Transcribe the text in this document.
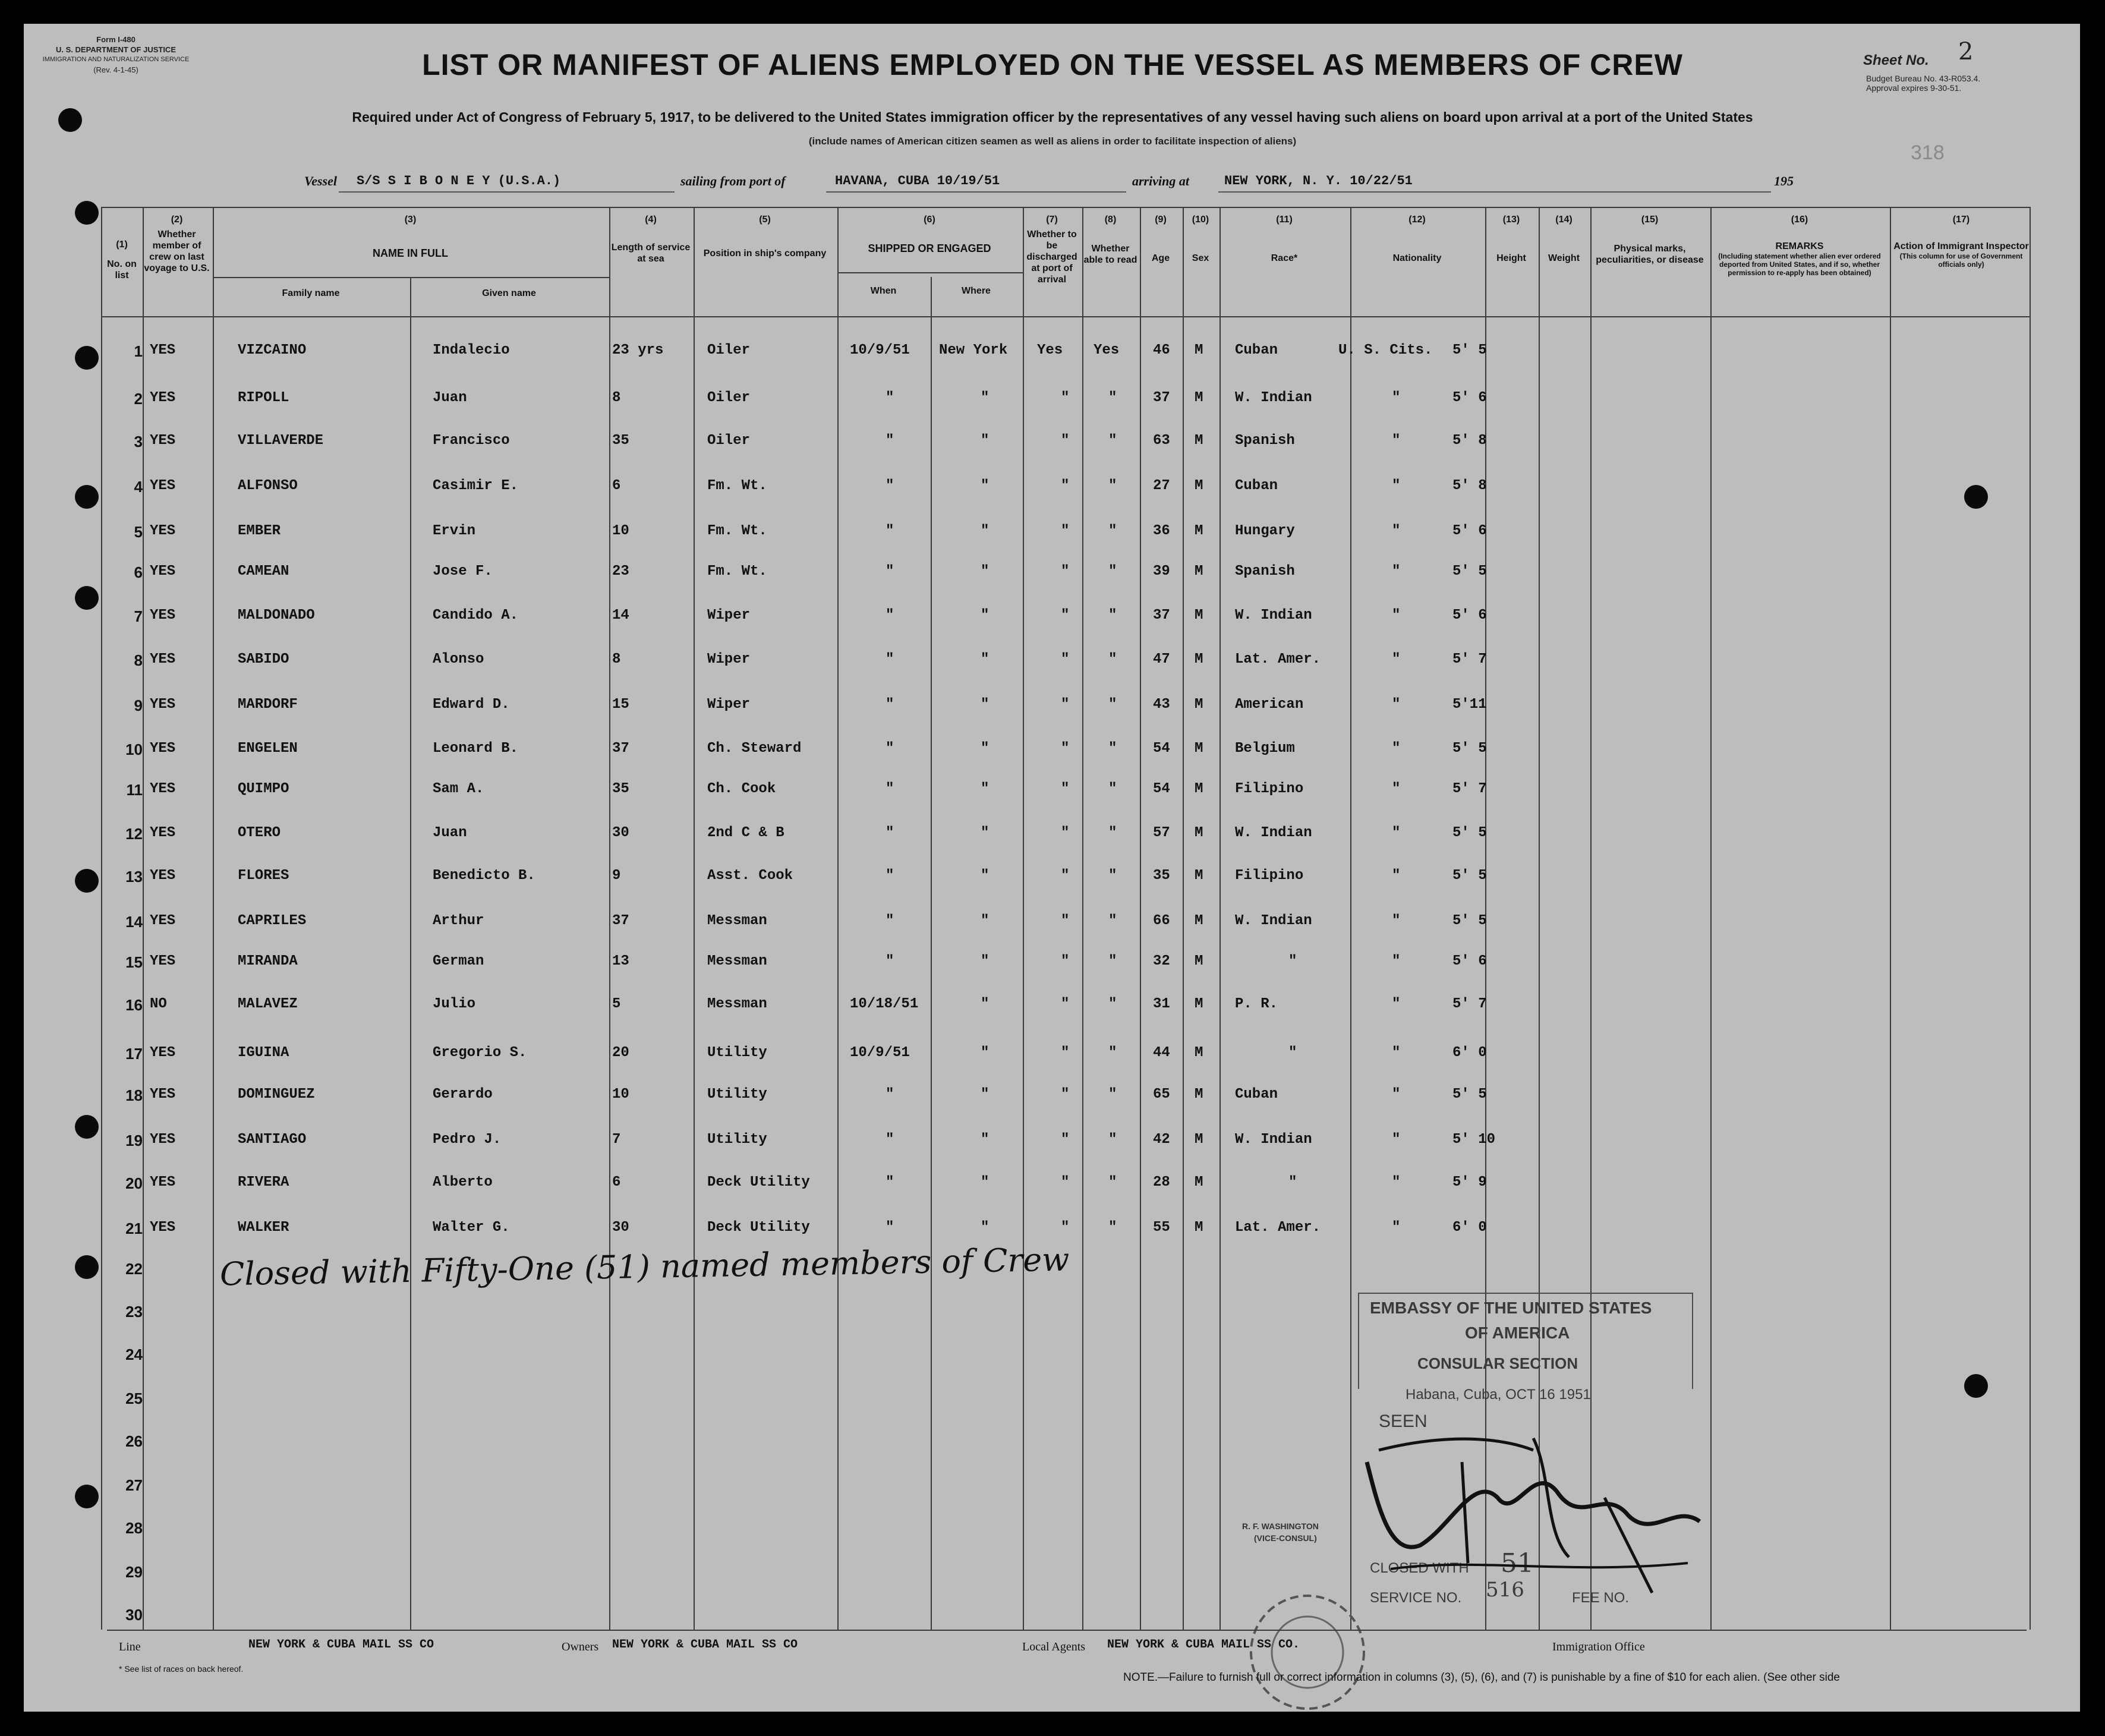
Form I-480
U. S. DEPARTMENT OF JUSTICE
IMMIGRATION AND NATURALIZATION SERVICE
(Rev. 4-1-45)	LIST OR MANIFEST OF ALIENS EMPLOYED ON THE VESSEL AS MEMBERS OF CREW	Sheet No. 2
Budget Bureau No. 43-R053.4.
Approval expires 9-30-51.
Required under Act of Congress of February 5, 1917, to be delivered to the United States immigration officer by the representatives of any vessel having such aliens on board upon arrival at a port of the United States
(include names of American citizen seamen as well as aliens in order to facilitate inspection of aliens)
318
Vessel S/S S I B O N E Y (U.S.A.)	sailing from port of	HAVANA, CUBA 10/19/51	arriving at	NEW YORK, N. Y. 10/22/51	195
(1)
No. on list
(2)
Whether member of crew on last voyage to U.S.
(3)
NAME IN FULL
Family name	Given name
(4)
Length of service at sea
(5)
Position in ship's company
(6)
SHIPPED OR ENGAGED
When	Where
(7)
Whether to be discharged at port of arrival
(8)
Whether able to read
(9)
Age
(10)
Sex
(11)
Race*
(12)
Nationality
(13)
Height
(14)
Weight
(15)
Physical marks, peculiarities, or disease
(16)
REMARKS
(Including statement whether alien ever ordered deported from United States, and if so, whether permission to re-apply has been obtained)
(17)
Action of Immigrant Inspector
(This column for use of Government officials only)
1 YES	VIZCAINO	Indalecio	23 yrs	Oiler	10/9/51 New York Yes Yes 46 M Cuban	U. S. Cits. 5' 5
2 YES	RIPOLL	Juan	8	Oiler	"	"	"	"	37 M W. Indian	"	5' 6
3 YES	VILLAVERDE	Francisco	35	Oiler	"	"	"	"	63 M Spanish	"	5' 8
4 YES	ALFONSO	Casimir E.	6	Fm. Wt.	"	"	"	"	27 M Cuban	"	5' 8
5 YES	EMBER	Ervin	10	Fm. Wt.	"	"	"	"	36 M Hungary	"	5' 6
6 YES	CAMEAN	Jose F.	23	Fm. Wt.	"	"	"	"	39 M Spanish	"	5' 5
7 YES	MALDONADO	Candido A.	14	Wiper	"	"	"	"	37 M W. Indian	"	5' 6
8 YES	SABIDO	Alonso	8	Wiper	"	"	"	"	47 M Lat. Amer.	"	5' 7
9 YES	MARDORF	Edward D.	15	Wiper	"	"	"	"	43 M American	"	5'11
10 YES	ENGELEN	Leonard B.	37	Ch. Steward	"	"	"	"	54 M Belgium	"	5' 5
11 YES	QUIMPO	Sam A.	35	Ch. Cook	"	"	"	"	54 M Filipino	"	5' 7
12 YES	OTERO	Juan	30	2nd C & B	"	"	"	"	57 M W. Indian	"	5' 5
13 YES	FLORES	Benedicto B.	9	Asst. Cook	"	"	"	"	35 M Filipino	"	5' 5
14 YES	CAPRILES	Arthur	37	Messman	"	"	"	"	66 M W. Indian	"	5' 5
15 YES	MIRANDA	German	13	Messman	"	"	"	"	32 M	"	"	5' 6
16 NO	MALAVEZ	Julio	5	Messman	10/18/51	"	"	"	31 M P. R.	"	5' 7
17 YES	IGUINA	Gregorio S.	20	Utility	10/9/51	"	"	"	44 M	"	"	6' 0
18 YES	DOMINGUEZ	Gerardo	10	Utility	"	"	"	"	65 M Cuban	"	5' 5
19 YES	SANTIAGO	Pedro J.	7	Utility	"	"	"	"	42 M W. Indian	"	5' 10
20 YES	RIVERA	Alberto	6	Deck Utility	"	"	"	"	28 M	"	"	5' 9
21 YES	WALKER	Walter G.	30	Deck Utility	"	"	"	"	55 M Lat. Amer.	"	6' 0
22
23
24
25
26
27
28
29
30
Closed with Fifty-One (51) named members of Crew
EMBASSY OF THE UNITED STATES
OF AMERICA
CONSULAR SECTION
Habana, Cuba, OCT 16 1951
SEEN
CLOSED WITH 51
SERVICE NO. 516	FEE NO.
R. F. WASHINGTON
(VICE-CONSUL)
Line	NEW YORK & CUBA MAIL SS CO	Owners NEW YORK & CUBA MAIL SS CO	Local Agents NEW YORK & CUBA MAIL SS CO.	Immigration Office
* See list of races on back hereof.
NOTE.—Failure to furnish full or correct information in columns (3), (5), (6), and (7) is punishable by a fine of $10 for each alien. (See other side
